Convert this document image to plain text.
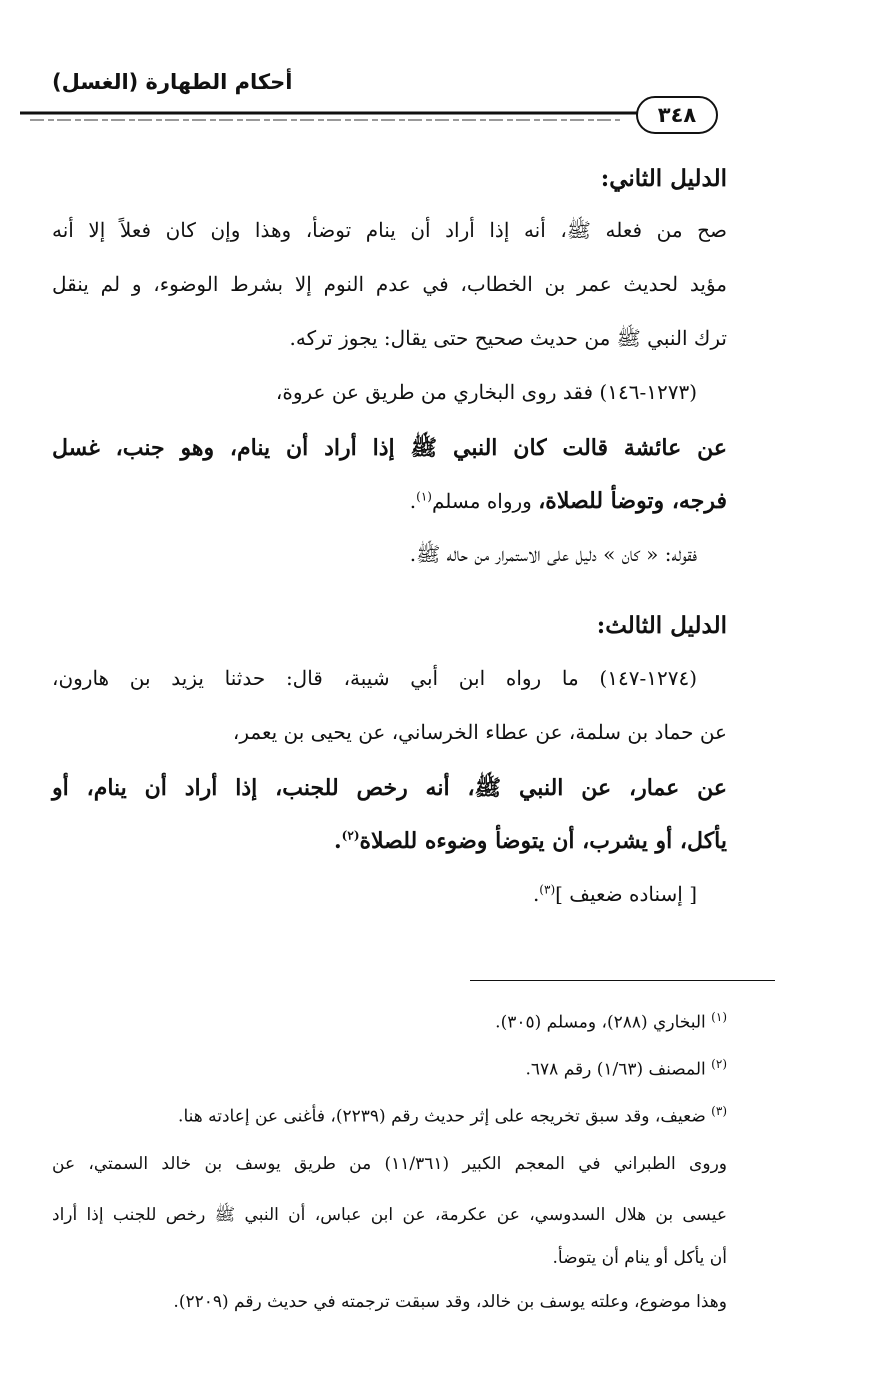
أحكام الطهارة (الغسل)
٣٤٨
الدليل الثاني:
صح من فعله ﷺ، أنه إذا أراد أن ينام توضأ، وهذا وإن كان فعلاً إلا أنه
مؤيد لحديث عمر بن الخطاب، في عدم النوم إلا بشرط الوضوء، و لم ينقل
ترك النبي ﷺ من حديث صحيح حتى يقال: يجوز تركه.
(١٢٧٣-١٤٦) فقد روى البخاري من طريق عن عروة،
عن عائشة قالت كان النبي ﷺ إذا أراد أن ينام، وهو جنب، غسل
فرجه، وتوضأ للصلاة، ورواه مسلم$^{(١)}$.
فقوله: « كان » دليل على الاستمرار من حاله ﷺ.
الدليل الثالث:
(١٢٧٤-١٤٧) ما رواه ابن أبي شيبة، قال: حدثنا يزيد بن هارون،
عن حماد بن سلمة، عن عطاء الخرساني، عن يحيى بن يعمر،
عن عمار، عن النبي ﷺ، أنه رخص للجنب، إذا أراد أن ينام، أو
يأكل، أو يشرب، أن يتوضأ وضوءه للصلاة$^{(٢)}$.
[ إسناده ضعيف ]$^{(٣)}$.
$^{(١)}$ البخاري (٢٨٨)، ومسلم (٣٠٥).
$^{(٢)}$ المصنف (١/٦٣) رقم ٦٧٨.
$^{(٣)}$ ضعيف، وقد سبق تخريجه على إثر حديث رقم (٢٢٣٩)، فأغنى عن إعادته هنا.
وروى الطبراني في المعجم الكبير (١١/٣٦١) من طريق يوسف بن خالد السمتي، عن
عيسى بن هلال السدوسي، عن عكرمة، عن ابن عباس، أن النبي ﷺ رخص للجنب إذا أراد
أن يأكل أو ينام أن يتوضأ.
وهذا موضوع، وعلته يوسف بن خالد، وقد سبقت ترجمته في حديث رقم (٢٢٠٩).
